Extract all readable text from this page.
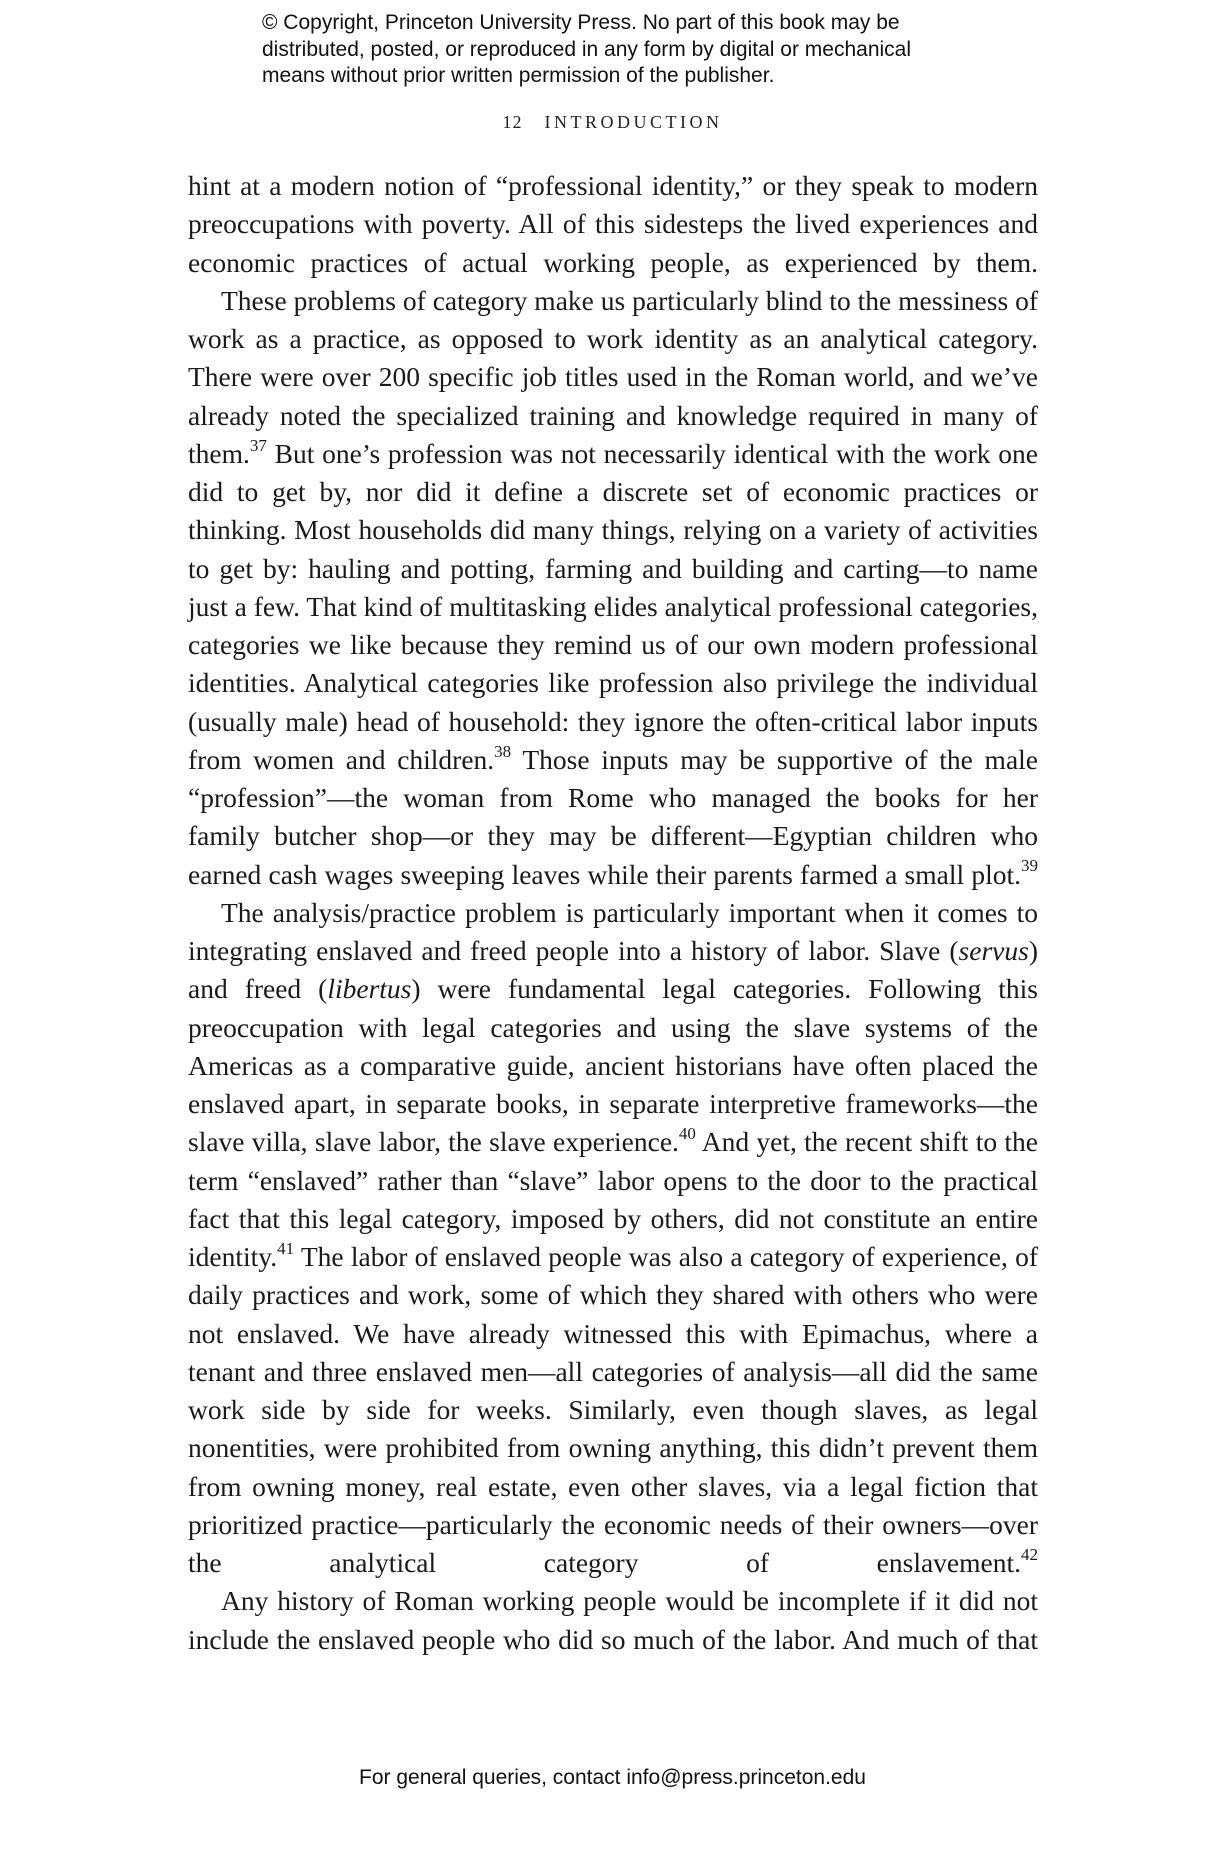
© Copyright, Princeton University Press. No part of this book may be
distributed, posted, or reproduced in any form by digital or mechanical
means without prior written permission of the publisher.
12 INTRODUCTION

hint at a modern notion of “professional identity,” or they speak to modern preoccupations with poverty. All of this sidesteps the lived experiences and economic practices of actual working people, as experienced by them.

These problems of category make us particularly blind to the messiness of work as a practice, as opposed to work identity as an analytical category. There were over 200 specific job titles used in the Roman world, and we’ve already noted the specialized training and knowledge required in many of them.$^{37}$ But one’s profession was not necessarily identical with the work one did to get by, nor did it define a discrete set of economic practices or thinking. Most households did many things, relying on a variety of activities to get by: hauling and potting, farming and building and carting—to name just a few. That kind of multitasking elides analytical professional categories, categories we like because they remind us of our own modern professional identities. Analytical categories like profession also privilege the individual (usually male) head of household: they ignore the often-critical labor inputs from women and children.$^{38}$ Those inputs may be supportive of the male “profession”—the woman from Rome who managed the books for her family butcher shop—or they may be different—Egyptian children who earned cash wages sweeping leaves while their parents farmed a small plot.$^{39}$

The analysis/practice problem is particularly important when it comes to integrating enslaved and freed people into a history of labor. Slave (servus) and freed (libertus) were fundamental legal categories. Following this preoccupation with legal categories and using the slave systems of the Americas as a comparative guide, ancient historians have often placed the enslaved apart, in separate books, in separate interpretive frameworks—the slave villa, slave labor, the slave experience.$^{40}$ And yet, the recent shift to the term “enslaved” rather than “slave” labor opens to the door to the practical fact that this legal category, imposed by others, did not constitute an entire identity.$^{41}$ The labor of enslaved people was also a category of experience, of daily practices and work, some of which they shared with others who were not enslaved. We have already witnessed this with Epimachus, where a tenant and three enslaved men—all categories of analysis—all did the same work side by side for weeks. Similarly, even though slaves, as legal nonentities, were prohibited from owning anything, this didn’t prevent them from owning money, real estate, even other slaves, via a legal fiction that prioritized practice—particularly the economic needs of their owners—over the analytical category of enslavement.$^{42}$

Any history of Roman working people would be incomplete if it did not include the enslaved people who did so much of the labor. And much of that

For general queries, contact info@press.princeton.edu
